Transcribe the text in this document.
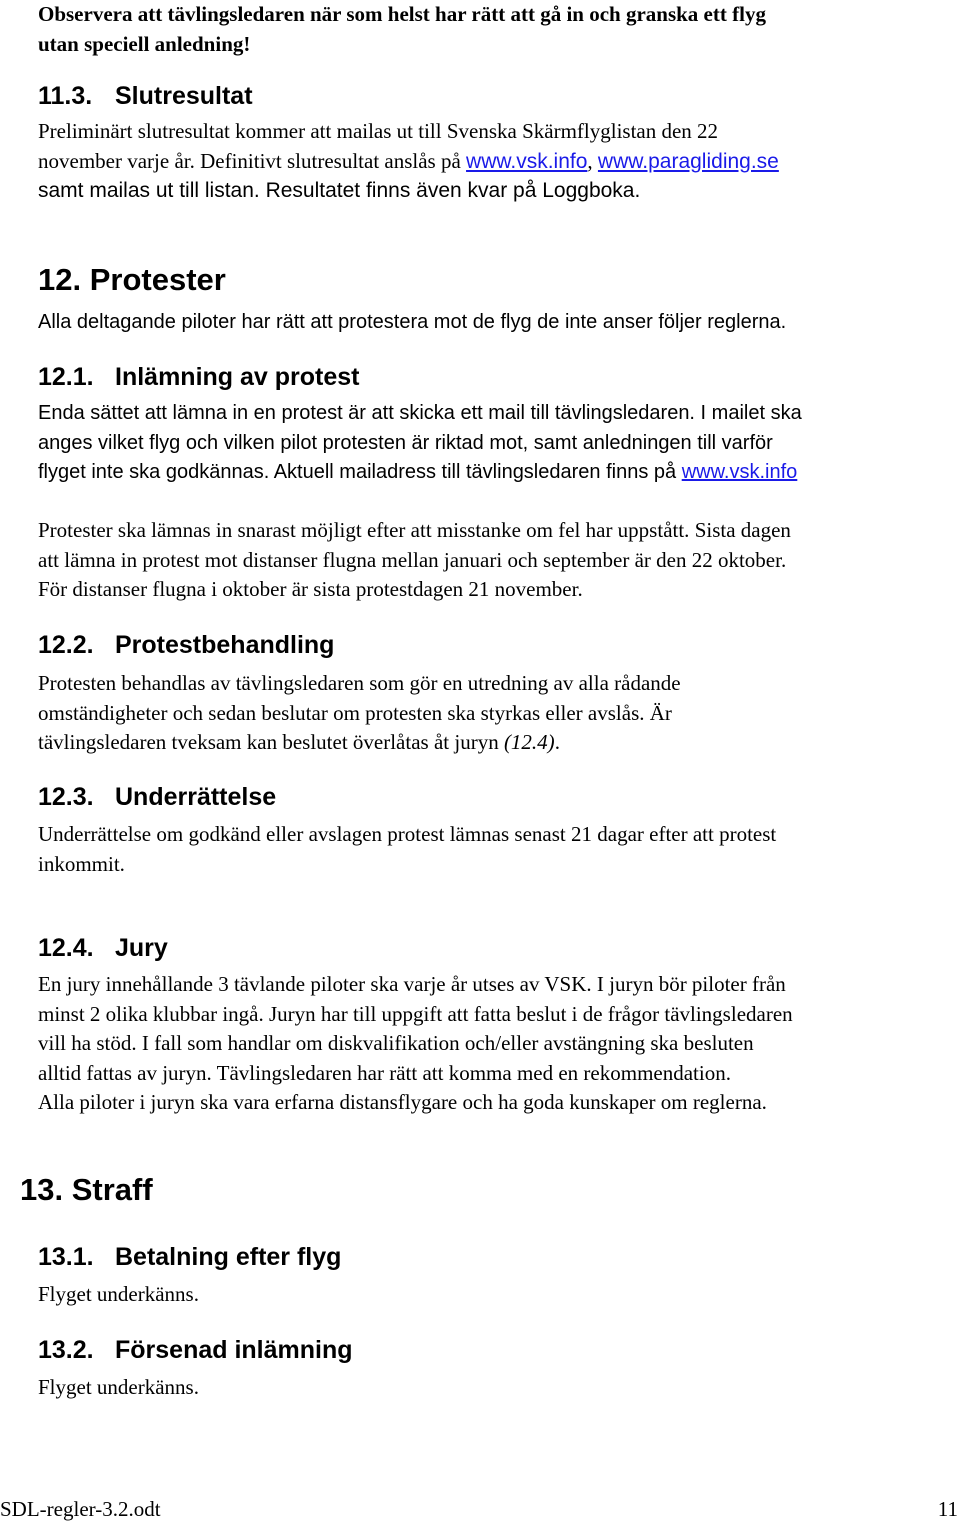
Observera att tävlingsledaren när som helst har rätt att gå in och granska ett flyg
utan speciell anledning!
11.3. Slutresultat
Preliminärt slutresultat kommer att mailas ut till Svenska Skärmflyglistan den 22
november varje år. Definitivt slutresultat anslås på www.vsk.info, www.paragliding.se
samt mailas ut till listan. Resultatet finns även kvar på Loggboka.
12. Protester
Alla deltagande piloter har rätt att protestera mot de flyg de inte anser följer reglerna.
12.1. Inlämning av protest
Enda sättet att lämna in en protest är att skicka ett mail till tävlingsledaren. I mailet ska
anges vilket flyg och vilken pilot protesten är riktad mot, samt anledningen till varför
flyget inte ska godkännas. Aktuell mailadress till tävlingsledaren finns på www.vsk.info
Protester ska lämnas in snarast möjligt efter att misstanke om fel har uppstått. Sista dagen
att lämna in protest mot distanser flugna mellan januari och september är den 22 oktober.
För distanser flugna i oktober är sista protestdagen 21 november.
12.2. Protestbehandling
Protesten behandlas av tävlingsledaren som gör en utredning av alla rådande
omständigheter och sedan beslutar om protesten ska styrkas eller avslås. Är
tävlingsledaren tveksam kan beslutet överlåtas åt juryn (12.4).
12.3. Underrättelse
Underrättelse om godkänd eller avslagen protest lämnas senast 21 dagar efter att protest
inkommit.
12.4. Jury
En jury innehållande 3 tävlande piloter ska varje år utses av VSK. I juryn bör piloter från
minst 2 olika klubbar ingå. Juryn har till uppgift att fatta beslut i de frågor tävlingsledaren
vill ha stöd. I fall som handlar om diskvalifikation och/eller avstängning ska besluten
alltid fattas av juryn. Tävlingsledaren har rätt att komma med en rekommendation.
Alla piloter i juryn ska vara erfarna distansflygare och ha goda kunskaper om reglerna.
13. Straff
13.1. Betalning efter flyg
Flyget underkänns.
13.2. Försenad inlämning
Flyget underkänns.
SDL-regler-3.2.odt	11
